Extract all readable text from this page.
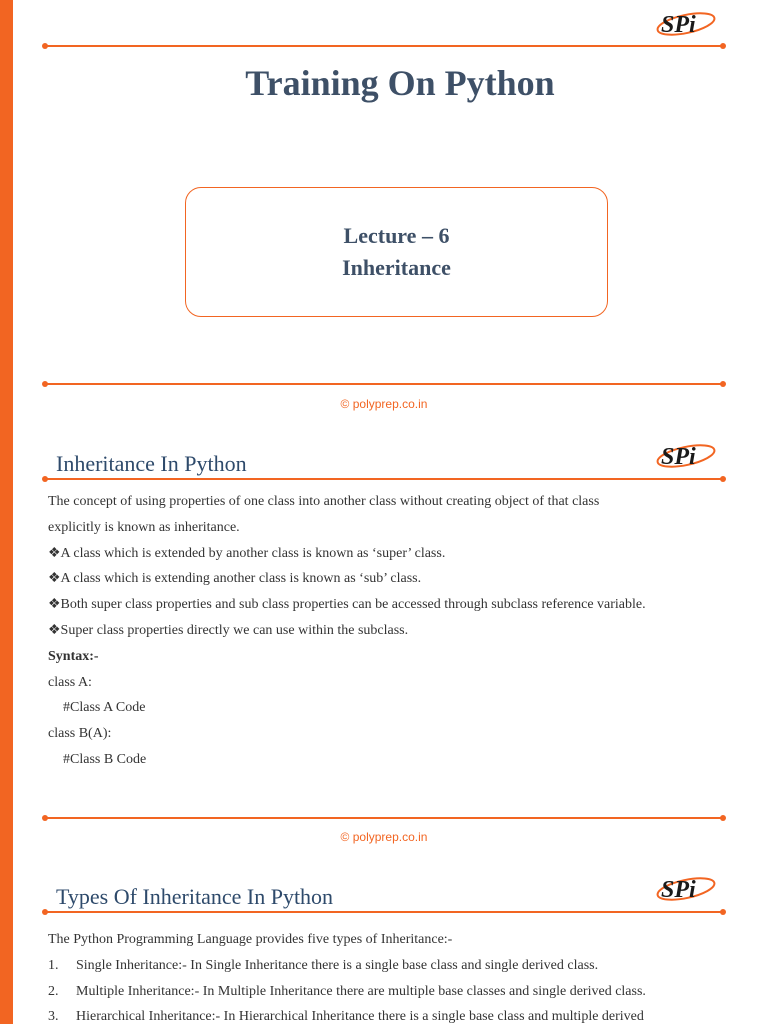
SPi
Training On Python
Lecture – 6
Inheritance
© polyprep.co.in
Inheritance In Python	SPi

The concept of using properties of one class into another class without creating object of that class

explicitly is known as inheritance.

❖A class which is extended by another class is known as ‘super’ class.

❖A class which is extending another class is known as ‘sub’ class.

❖Both super class properties and sub class properties can be accessed through subclass reference variable.

❖Super class properties directly we can use within the subclass.

Syntax:-

class A:

#Class A Code

class B(A):

#Class B Code

© polyprep.co.in
Types Of Inheritance In Python	SPi

The Python Programming Language provides five types of Inheritance:-

1. Single Inheritance:- In Single Inheritance there is a single base class and single derived class.

2. Multiple Inheritance:- In Multiple Inheritance there are multiple base classes and single derived class.

3. Hierarchical Inheritance:- In Hierarchical Inheritance there is a single base class and multiple derived
